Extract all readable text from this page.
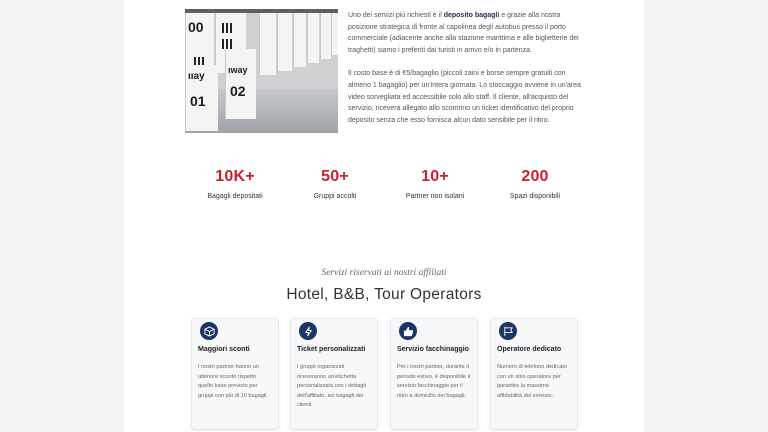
00
ııay
01
ıway
02

Uno dei servizi più richiesti è il deposito bagagli e grazie alla nostra posizione strategica di fronte al capolinea degli autobus presso il porto commerciale (adiacente anche alla stazione marittima e alle biglietterie dei traghetti) siamo i preferiti dai turisti in arrivo e/o in partenza.

Il costo base è di €5/bagaglio (piccoli zaini e borse sempre gratuiti con almeno 1 bagaglio) per un'intera giornata. Lo stoccaggio avviene in un'area video sorvegliata ed accessibile solo allo staff. Il cliente, all'acquisto del servizio, riceverà allegato allo scontrino un ticket identificativo del proprio deposito senza che esso fornisca alcun dato sensibile per il ritiro.

10K+
Bagagli depositati
50+
Gruppi accolti
10+
Partner non isolani
200
Spazi disponibili
Servizi riservati ai nostri affiliati
Hotel, B&B, Tour Operators
Maggiori sconti
I nostri partner hanno un ulteriore sconto rispetto quello base previsto per gruppi con più di 10 bagagli.
Ticket personalizzati
I gruppi organizzati riceveranno un'etichetta personalizzata con i dettagli dell'affiliato, sui bagagli dei clienti.
Servizio facchinaggio
Per i nostri partner, durante il periodo estivo, è disponibile il servizio facchinaggio per il ritiro a domicilio dei bagagli.
Operatore dedicato
Numero di telefono dedicato con un solo operatore per garantire la massima affidabilità del servizio.
